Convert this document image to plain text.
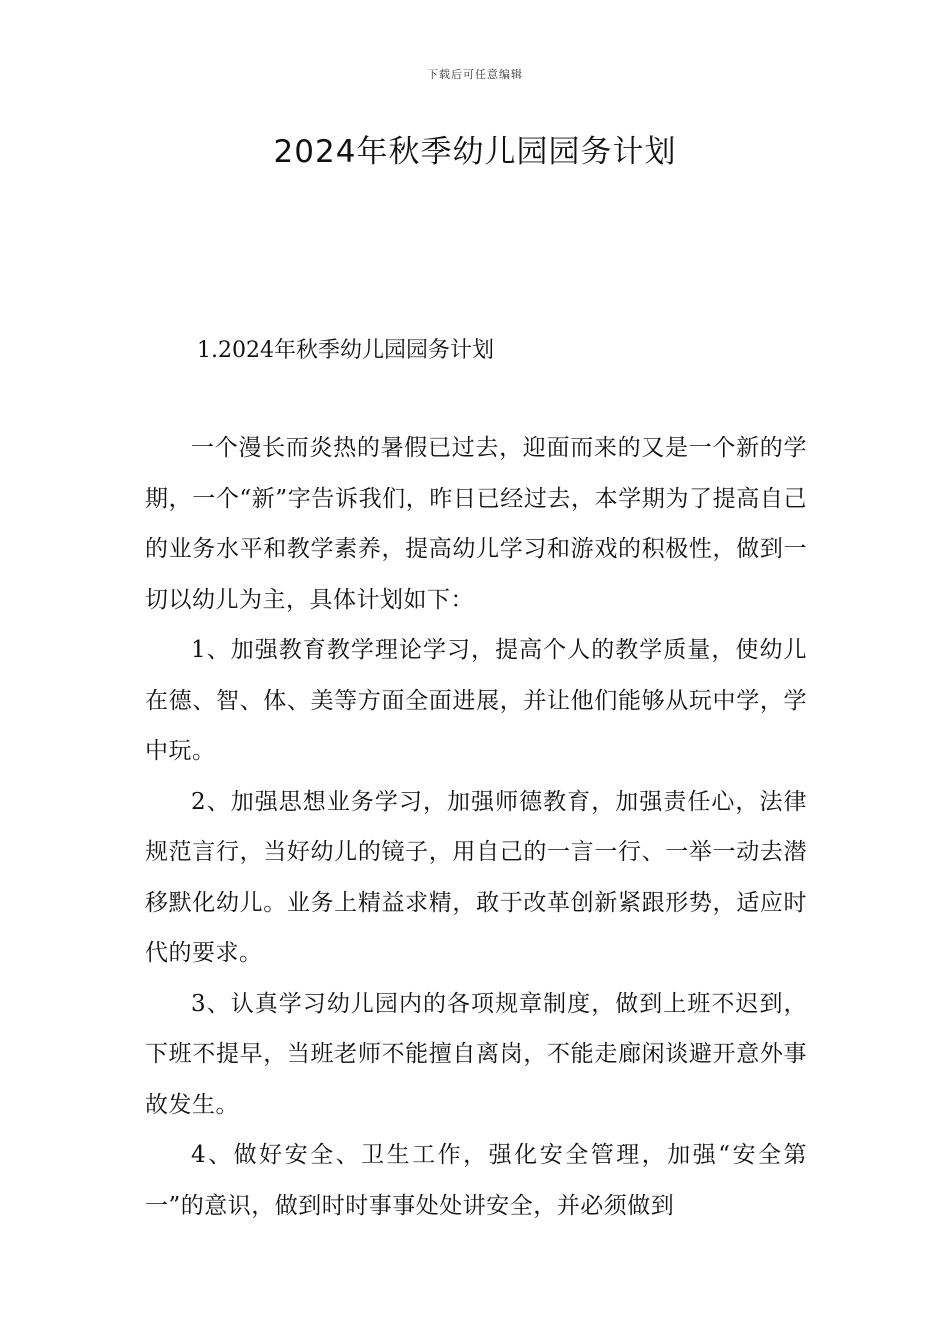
下载后可任意编辑
2024年秋季幼儿园园务计划
1.2024年秋季幼儿园园务计划

一个漫长而炎热的暑假已过去，迎面而来的又是一个新的学期，一个“新”字告诉我们，昨日已经过去，本学期为了提高自己的业务水平和教学素养，提高幼儿学习和游戏的积极性，做到一切以幼儿为主，具体计划如下：

1、加强教育教学理论学习，提高个人的教学质量，使幼儿在德、智、体、美等方面全面进展，并让他们能够从玩中学，学中玩。

2、加强思想业务学习，加强师德教育，加强责任心，法律规范言行，当好幼儿的镜子，用自己的一言一行、一举一动去潜移默化幼儿。业务上精益求精，敢于改革创新紧跟形势，适应时代的要求。

3、认真学习幼儿园内的各项规章制度，做到上班不迟到，下班不提早，当班老师不能擅自离岗，不能走廊闲谈避开意外事故发生。

4、做好安全、卫生工作，强化安全管理，加强“安全第一”的意识，做到时时事事处处讲安全，并必须做到
